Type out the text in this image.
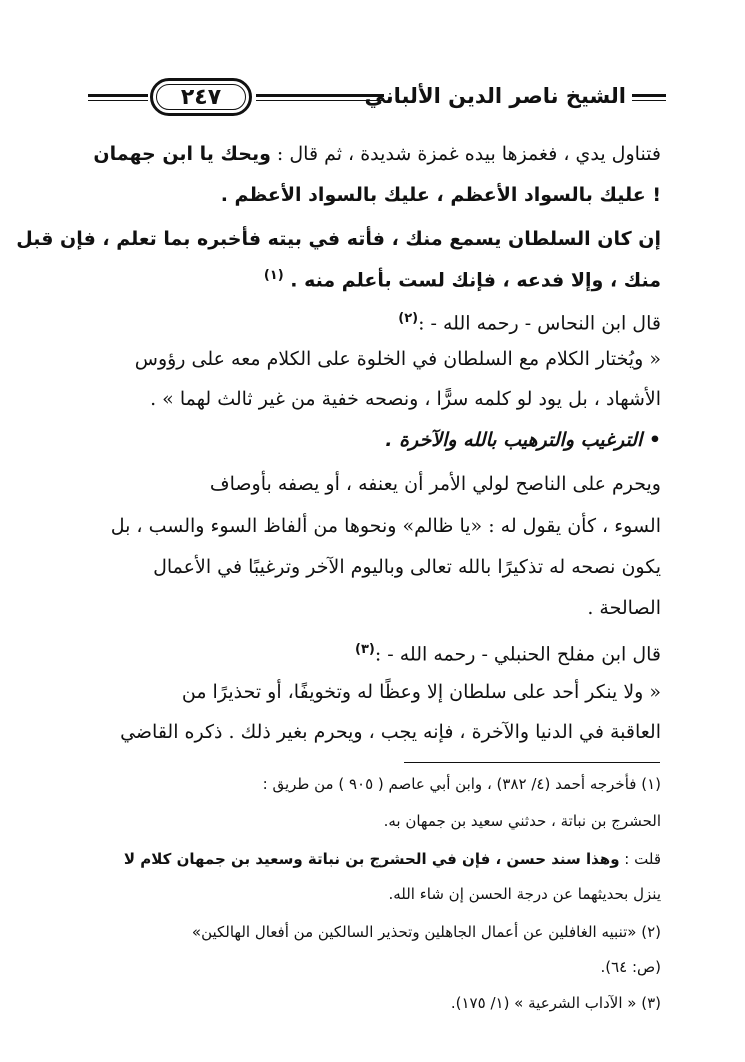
الشيخ ناصر الدين الألباني
٢٤٧
فتناول يدي ، فغمزها بيده غمزة شديدة ، ثم قال : ويحك يا ابن جهمان
! عليك بالسواد الأعظم ، عليك بالسواد الأعظم .
إن كان السلطان يسمع منك ، فأته في بيته فأخبره بما تعلم ، فإن قبل
منك ، وإلا فدعه ، فإنك لست بأعلم منه . $^{(١)}$
قال ابن النحاس - رحمه الله - :$^{(٢)}$
« ويُختار الكلام مع السلطان في الخلوة على الكلام معه على رؤوس
الأشهاد ، بل يود لو كلمه سرًّا ، ونصحه خفية من غير ثالث لهما » .
• الترغيب والترهيب بالله والآخرة .
ويحرم على الناصح لولي الأمر أن يعنفه ، أو يصفه بأوصاف
السوء ، كأن يقول له : «يا ظالم» ونحوها من ألفاظ السوء والسب ، بل
يكون نصحه له تذكيرًا بالله تعالى وباليوم الآخر وترغيبًا في الأعمال
الصالحة .
قال ابن مفلح الحنبلي - رحمه الله - :$^{(٣)}$
« ولا ينكر أحد على سلطان إلا وعظًا له وتخويفًا، أو تحذيرًا من
العاقبة في الدنيا والآخرة ، فإنه يجب ، ويحرم بغير ذلك . ذكره القاضي
(١) فأخرجه أحمد (٤/ ٣٨٢) ، وابن أبي عاصم ( ٩٠٥ ) من طريق :
الحشرج بن نباتة ، حدثني سعيد بن جمهان به.
قلت : وهذا سند حسن ، فإن في الحشرج بن نباتة وسعيد بن جمهان كلام لا
ينزل بحديثهما عن درجة الحسن إن شاء الله.
(٢) «تنبيه الغافلين عن أعمال الجاهلين وتحذير السالكين من أفعال الهالكين»
(ص: ٦٤).
(٣) « الآداب الشرعية » (١/ ١٧٥).
